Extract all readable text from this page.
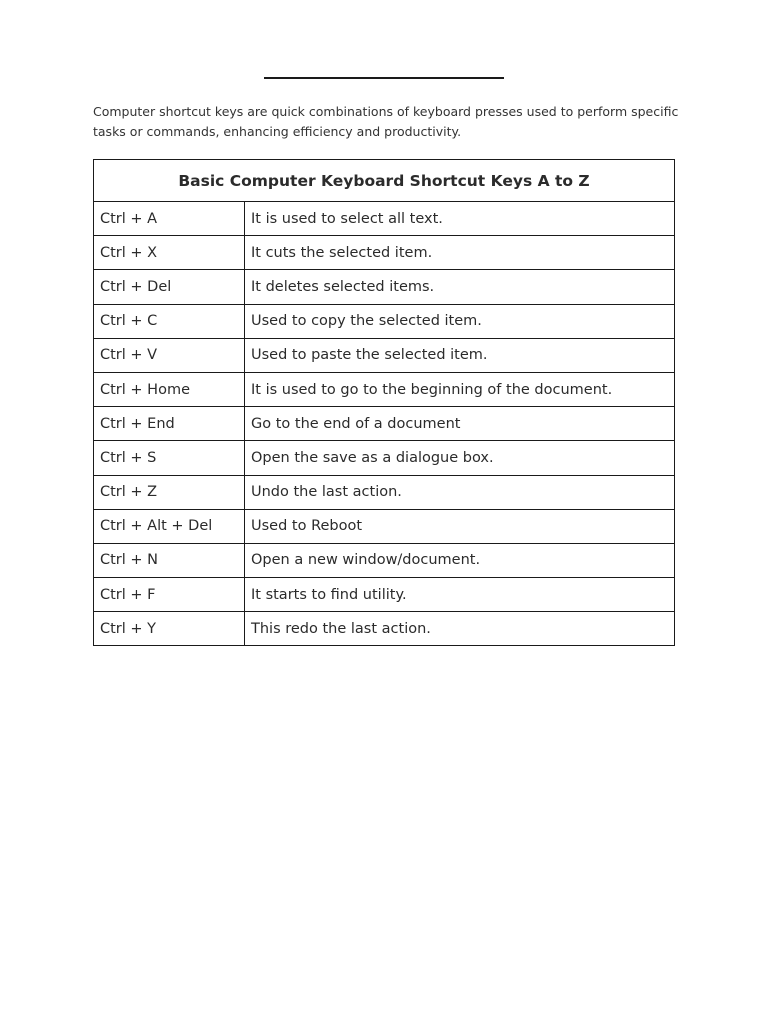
Computer shortcut keys are quick combinations of keyboard presses used to perform specific tasks or commands, enhancing efficiency and productivity.

Basic Computer Keyboard Shortcut Keys A to Z	
Ctrl + A	It is used to select all text.
Ctrl + X	It cuts the selected item.
Ctrl + Del	It deletes selected items.
Ctrl + C	Used to copy the selected item.
Ctrl + V	Used to paste the selected item.
Ctrl + Home	It is used to go to the beginning of the document.
Ctrl + End	Go to the end of a document
Ctrl + S	Open the save as a dialogue box.
Ctrl + Z	Undo the last action.
Ctrl + Alt + Del	Used to Reboot
Ctrl + N	Open a new window/document.
Ctrl + F	It starts to find utility.
Ctrl + Y	This redo the last action.
